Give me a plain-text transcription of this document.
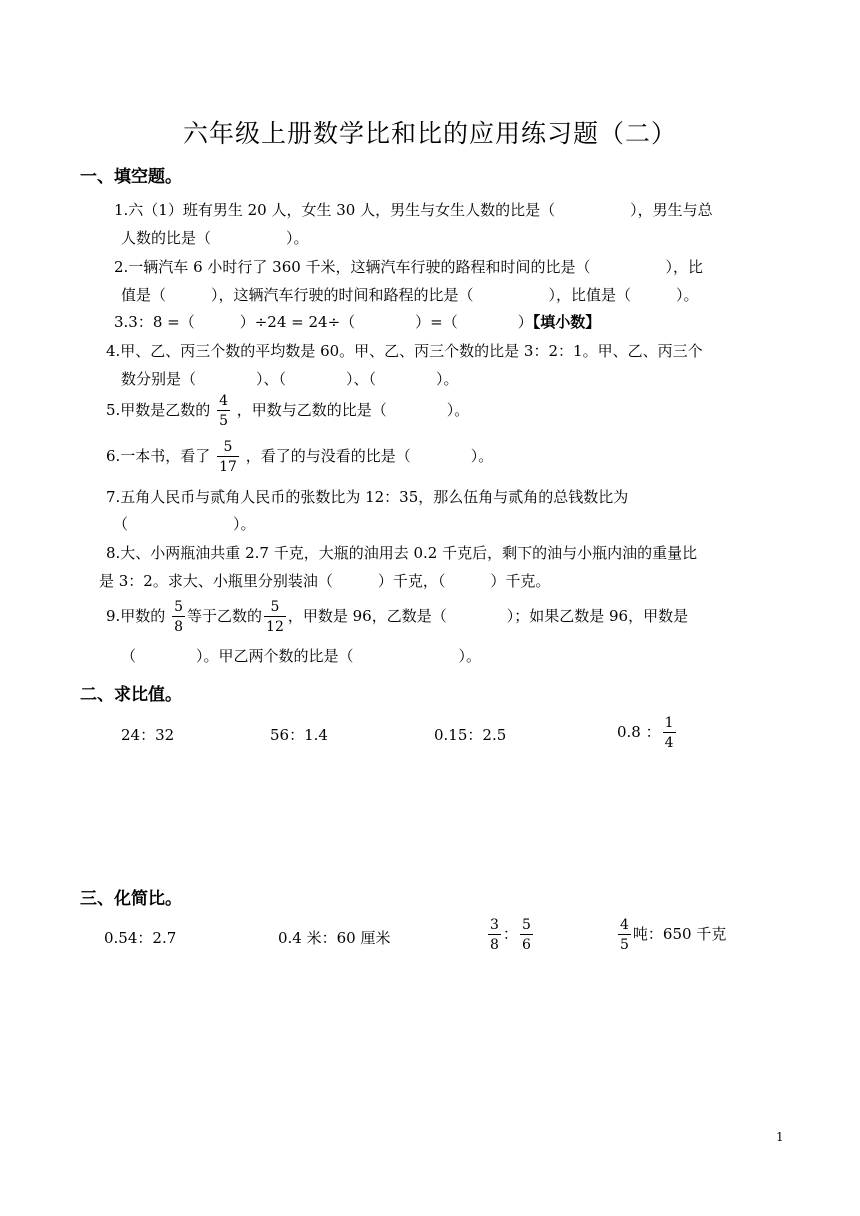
六年级上册数学比和比的应用练习题（二）
一、填空题。
1.六（1）班有男生 20 人，女生 30 人，男生与女生人数的比是（　　　　　），男生与总
人数的比是（　　　　　）。
2.一辆汽车 6 小时行了 360 千米，这辆汽车行驶的路程和时间的比是（　　　　　），比
值是（　　　），这辆汽车行驶的时间和路程的比是（　　　　　），比值是（　　　）。
3.3：8 =（　　　）÷24 = 24÷（　　　　）=（　　　　）【填小数】
4.甲、乙、丙三个数的平均数是 60。甲、乙、丙三个数的比是 3：2：1。甲、乙、丙三个
数分别是（　　　　）、（　　　　）、（　　　　）。
5.甲数是乙数的 $\frac{4}{5}$ ，甲数与乙数的比是（　　　　）。
6.一本书，看了 $\frac{5}{17}$ ，看了的与没看的比是（　　　　）。
7.五角人民币与贰角人民币的张数比为 12：35，那么伍角与贰角的总钱数比为
（　　　　　　　）。
8.大、小两瓶油共重 2.7 千克，大瓶的油用去 0.2 千克后，剩下的油与小瓶内油的重量比
是 3：2。求大、小瓶里分别装油（　　　）千克，（　　　）千克。
9.甲数的 $\frac{5}{8}$ 等于乙数的 $\frac{5}{12}$ ，甲数是 96，乙数是（　　　　）；如果乙数是 96，甲数是
（　　　　）。甲乙两个数的比是（　　　　　　　）。
二、求比值。
24：32	56：1.4	0.15：2.5	0.8 ： $\frac{1}{4}$
三、化简比。
0.54：2.7	0.4 米：60 厘米	$\frac{3}{8}$ ： $\frac{5}{6}$	$\frac{4}{5}$ 吨：650 千克
1
